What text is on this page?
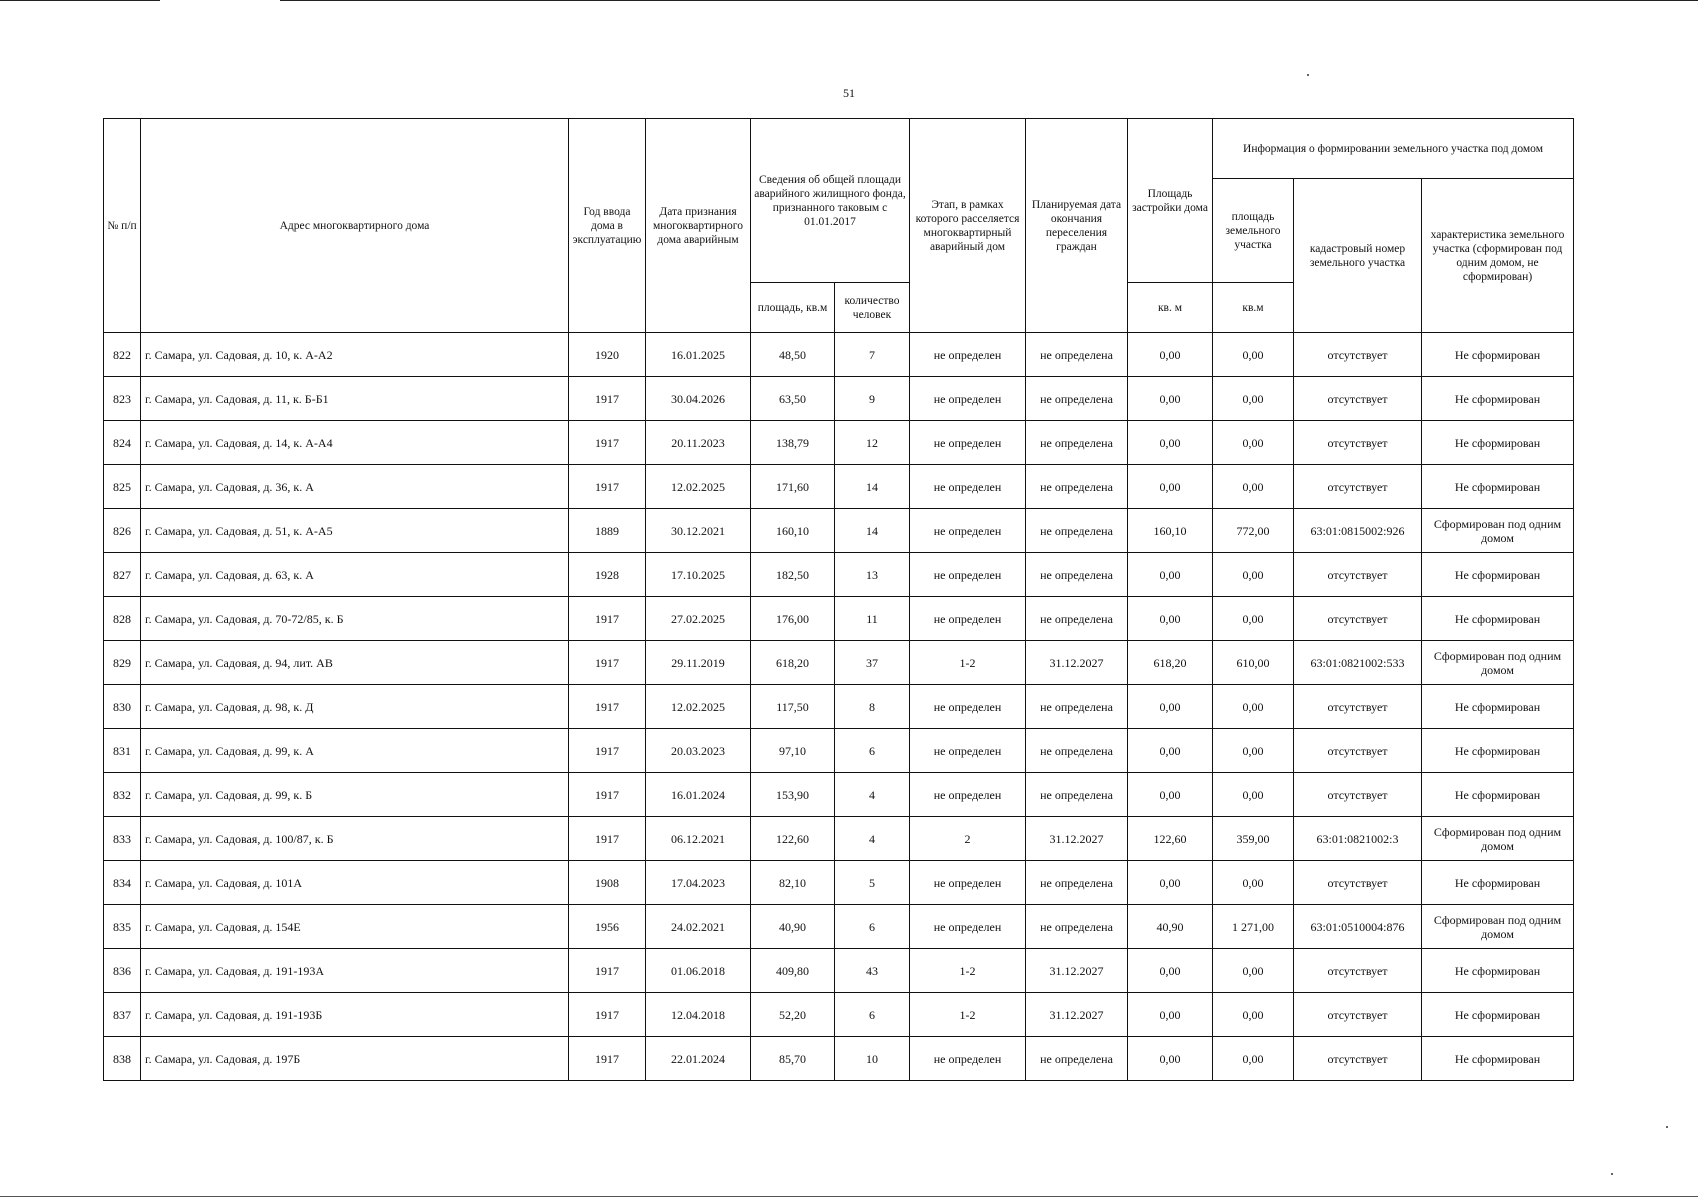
51
№ п/п	Адрес многоквартирного дома	Год ввода дома в эксплуатацию	Дата признания многоквартирного дома аварийным	Сведения об общей площади аварийного жилищного фонда, признанного таковым с 01.01.2017		Этап, в рамках которого расселяется многоквартирный аварийный дом	Планируемая дата окончания переселения граждан	Площадь застройки дома	Информация о формировании земельного участка под домом		
									площадь земельного участка	кадастровый номер земельного участка	характеристика земельного участка (сформирован под одним домом, не сформирован)
				площадь, кв.м	количество человек			кв. м	кв.м		
822	г. Самара, ул. Садовая, д. 10, к. А-А2	1920	16.01.2025	48,50	7	не определен	не определена	0,00	0,00	отсутствует	Не сформирован
823	г. Самара, ул. Садовая, д. 11, к. Б-Б1	1917	30.04.2026	63,50	9	не определен	не определена	0,00	0,00	отсутствует	Не сформирован
824	г. Самара, ул. Садовая, д. 14, к. А-А4	1917	20.11.2023	138,79	12	не определен	не определена	0,00	0,00	отсутствует	Не сформирован
825	г. Самара, ул. Садовая, д. 36, к. А	1917	12.02.2025	171,60	14	не определен	не определена	0,00	0,00	отсутствует	Не сформирован
826	г. Самара, ул. Садовая, д. 51, к. А-А5	1889	30.12.2021	160,10	14	не определен	не определена	160,10	772,00	63:01:0815002:926	Сформирован под одним домом
827	г. Самара, ул. Садовая, д. 63, к. А	1928	17.10.2025	182,50	13	не определен	не определена	0,00	0,00	отсутствует	Не сформирован
828	г. Самара, ул. Садовая, д. 70-72/85, к. Б	1917	27.02.2025	176,00	11	не определен	не определена	0,00	0,00	отсутствует	Не сформирован
829	г. Самара, ул. Садовая, д. 94, лит. АВ	1917	29.11.2019	618,20	37	1-2	31.12.2027	618,20	610,00	63:01:0821002:533	Сформирован под одним домом
830	г. Самара, ул. Садовая, д. 98, к. Д	1917	12.02.2025	117,50	8	не определен	не определена	0,00	0,00	отсутствует	Не сформирован
831	г. Самара, ул. Садовая, д. 99, к. А	1917	20.03.2023	97,10	6	не определен	не определена	0,00	0,00	отсутствует	Не сформирован
832	г. Самара, ул. Садовая, д. 99, к. Б	1917	16.01.2024	153,90	4	не определен	не определена	0,00	0,00	отсутствует	Не сформирован
833	г. Самара, ул. Садовая, д. 100/87, к. Б	1917	06.12.2021	122,60	4	2	31.12.2027	122,60	359,00	63:01:0821002:3	Сформирован под одним домом
834	г. Самара, ул. Садовая, д. 101А	1908	17.04.2023	82,10	5	не определен	не определена	0,00	0,00	отсутствует	Не сформирован
835	г. Самара, ул. Садовая, д. 154Е	1956	24.02.2021	40,90	6	не определен	не определена	40,90	1 271,00	63:01:0510004:876	Сформирован под одним домом
836	г. Самара, ул. Садовая, д. 191-193А	1917	01.06.2018	409,80	43	1-2	31.12.2027	0,00	0,00	отсутствует	Не сформирован
837	г. Самара, ул. Садовая, д. 191-193Б	1917	12.04.2018	52,20	6	1-2	31.12.2027	0,00	0,00	отсутствует	Не сформирован
838	г. Самара, ул. Садовая, д. 197Б	1917	22.01.2024	85,70	10	не определен	не определена	0,00	0,00	отсутствует	Не сформирован
